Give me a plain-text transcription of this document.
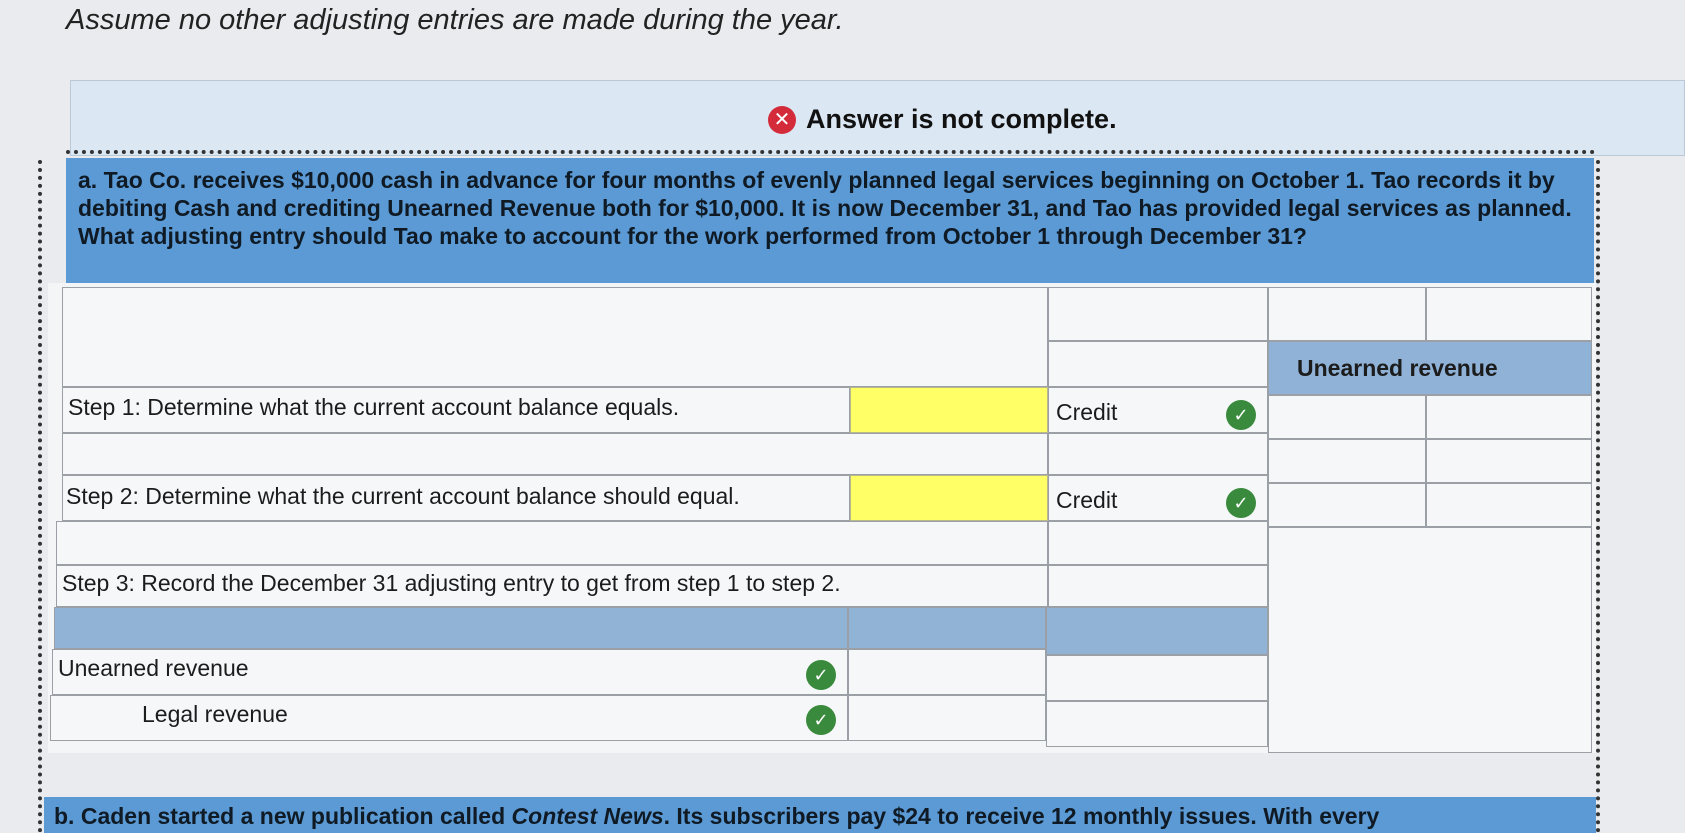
Assume no other adjusting entries are made during the year.
✕ Answer is not complete.
a. Tao Co. receives $10,000 cash in advance for four months of evenly planned legal services beginning on October 1. Tao records it by debiting Cash and crediting Unearned Revenue both for $10,000. It is now December 31, and Tao has provided legal services as planned. What adjusting entry should Tao make to account for the work performed from October 1 through December 31?
Unearned revenue
Step 1: Determine what the current account balance equals.	Credit	✓
Step 2: Determine what the current account balance should equal.	Credit	✓
Step 3: Record the December 31 adjusting entry to get from step 1 to step 2.
Unearned revenue	✓
Legal revenue	✓
b. Caden started a new publication called Contest News. Its subscribers pay $24 to receive 12 monthly issues. With every
